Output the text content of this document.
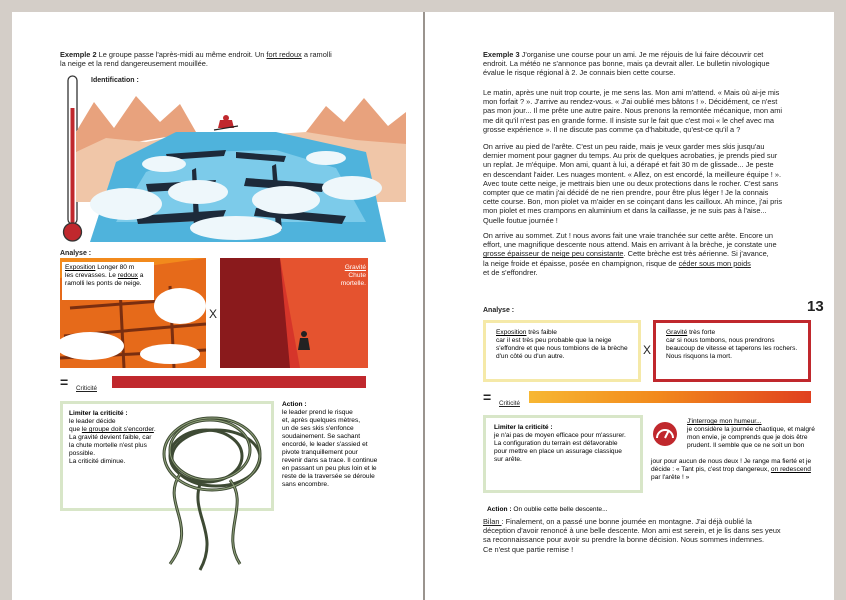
Exemple 2 Le groupe passe l'après-midi au même endroit. Un fort redoux a ramolli
la neige et la rend dangereusement mouillée.
Identification :
Analyse :
Exposition Longer 80 m
les crevasses. Le redoux a
ramolli les ponts de neige.
X
Gravité
Chute
mortelle.
=	Criticité
Limiter la criticité :
le leader décide
que le groupe doit s'encorder.
La gravité devient faible, car
la chute mortelle n'est plus
possible.
La criticité diminue.
Action :
le leader prend le risque
et, après quelques mètres,
un de ses skis s'enfonce
soudainement. Se sachant
encordé, le leader s'assied et
pivote tranquillement pour
revenir dans sa trace. Il continue
en passant un peu plus loin et le
reste de la traversée se déroule
sans encombre.
Exemple 3 J'organise une course pour un ami. Je me réjouis de lui faire découvrir cet
endroit. La météo ne s'annonce pas bonne, mais ça devrait aller. Le bulletin nivologique
évalue le risque régional à 2. Je connais bien cette course.
Le matin, après une nuit trop courte, je me sens las. Mon ami m'attend. « Mais où ai-je mis
mon forfait ? ». J'arrive au rendez-vous. « J'ai oublié mes bâtons ! ». Décidément, ce n'est
pas mon jour... Il me prête une autre paire. Nous prenons la remontée mécanique, mon ami
me dit qu'il n'est pas en grande forme. Il insiste sur le fait que c'est moi « le chef avec ma
grosse expérience ». Il ne discute pas comme ça d'habitude, qu'est-ce qu'il a ?
On arrive au pied de l'arête. C'est un peu raide, mais je veux garder mes skis jusqu'au
dernier moment pour gagner du temps. Au prix de quelques acrobaties, je prends pied sur
un replat. Je m'équipe. Mon ami, quant à lui, a dérapé et fait 30 m de glissade... Je peste
en descendant l'aider. Les nuages montent. « Allez, on est encordé, la meilleure équipe ! ».
Avec toute cette neige, je mettrais bien une ou deux protections dans le rocher. C'est sans
compter que ce matin j'ai décidé de ne rien prendre, pour être plus léger ! Je la connais
cette course. Bon, mon piolet va m'aider en se coinçant dans les cailloux. Ah mince, j'ai pris
mon piolet et mes crampons en aluminium et dans la caillasse, je ne suis pas à l'aise...
Quelle foutue journée !
On arrive au sommet. Zut ! nous avons fait une vraie tranchée sur cette arête. Encore un
effort, une magnifique descente nous attend. Mais en arrivant à la brèche, je constate une
grosse épaisseur de neige peu consistante. Cette brèche est très aérienne. Si j'avance,
la neige froide et épaisse, posée en champignon, risque de céder sous mon poids
et de s'effondrer.
13
Analyse :
Exposition très faible
car il est très peu probable que la neige
s'effondre et que nous tombions de la brèche
d'un côté ou d'un autre.	X
Gravité très forte
car si nous tombons, nous prendrons
beaucoup de vitesse et taperons les rochers.
Nous risquons la mort.
=	Criticité
Limiter la criticité :
je n'ai pas de moyen efficace pour m'assurer.
La configuration du terrain est défavorable
pour mettre en place un assurage classique
sur arête.
J'interroge mon humeur...
je considère la journée chaotique, et malgré
mon envie, je comprends que je dois être
prudent. Il semble que ce ne soit un bon
jour pour aucun de nous deux ! Je range ma fierté et je
décide : « Tant pis, c'est trop dangereux, on redescend
par l'arête ! »
Action : On oublie cette belle descente...
Bilan : Finalement, on a passé une bonne journée en montagne. J'ai déjà oublié la
déception d'avoir renoncé à une belle descente. Mon ami est serein, et je lis dans ses yeux
sa reconnaissance pour avoir su prendre la bonne décision. Nous sommes indemnes.
Ce n'est que partie remise !
